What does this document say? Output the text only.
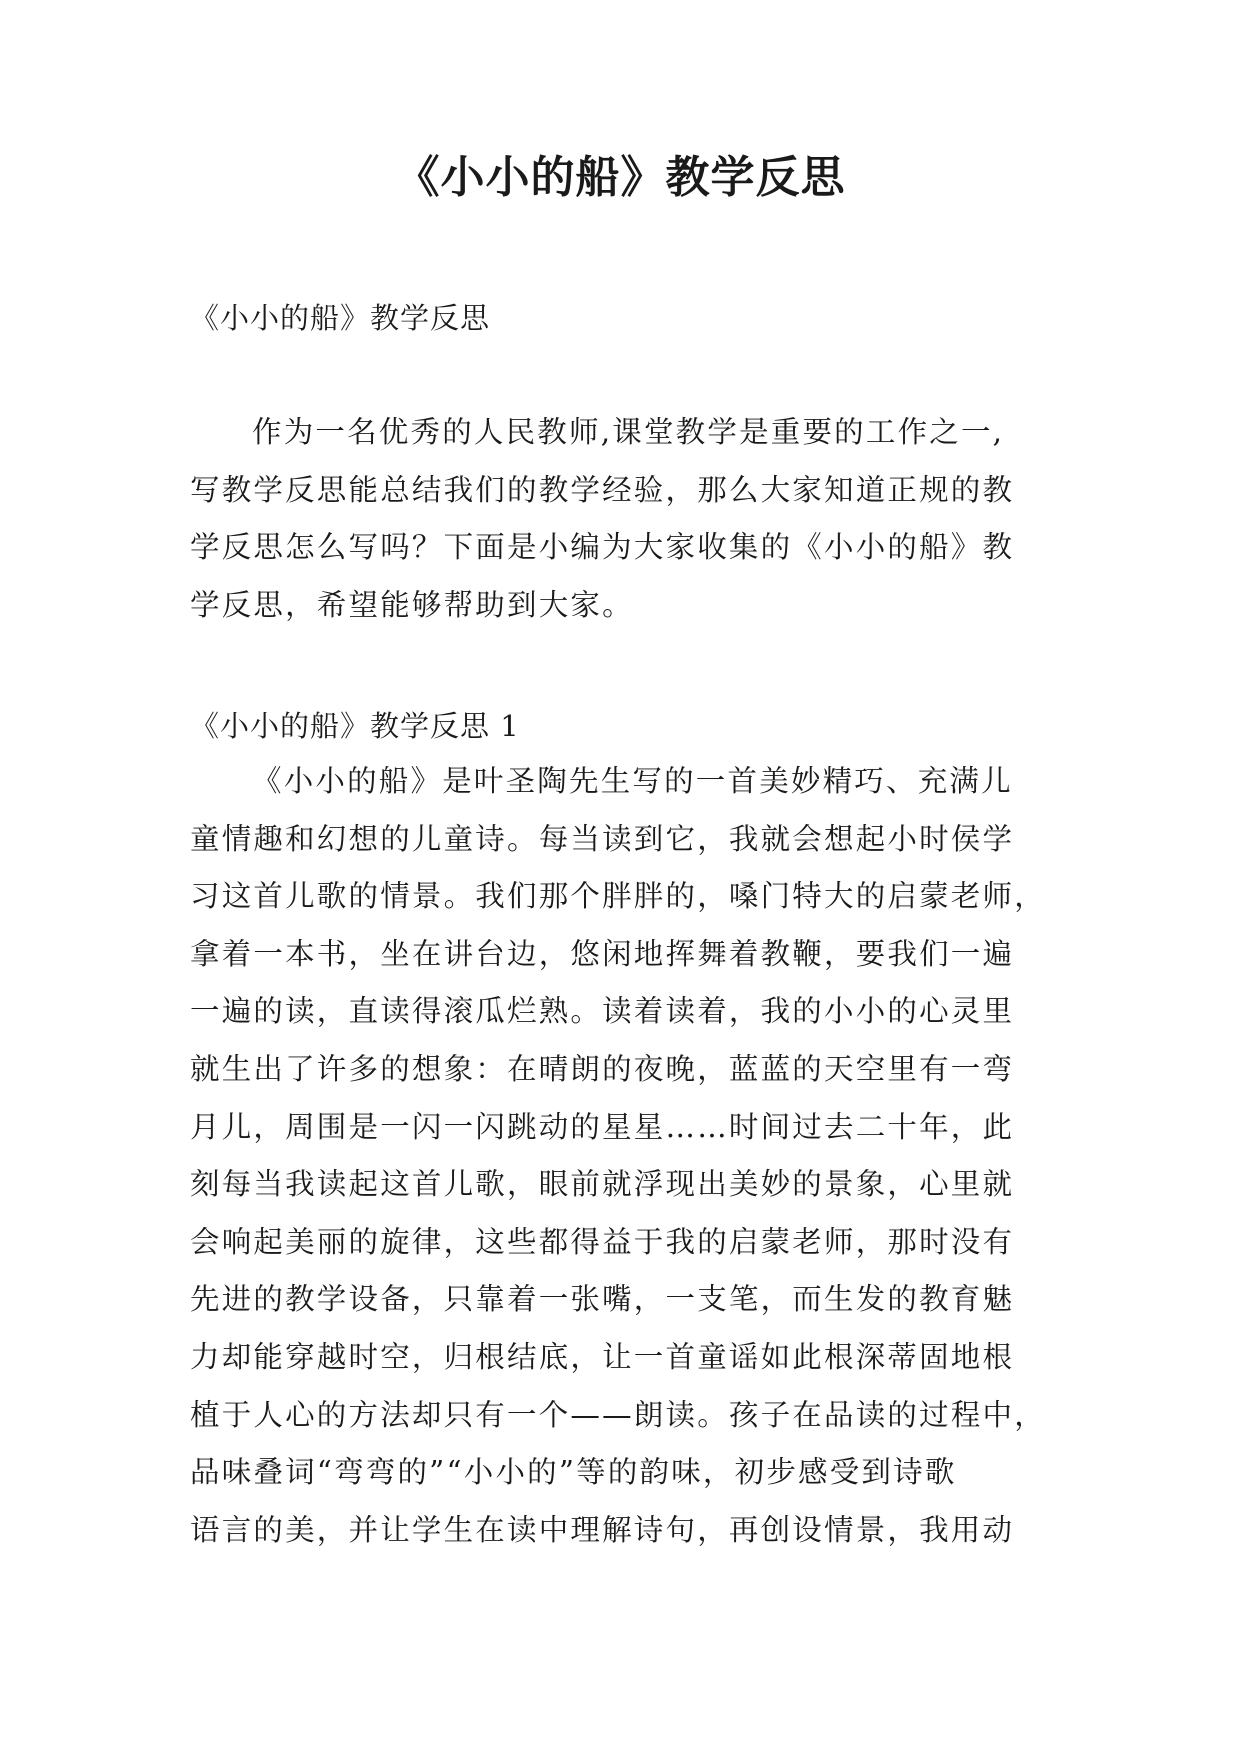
《小小的船》教学反思

《小小的船》教学反思

作为一名优秀的人民教师,课堂教学是重要的工作之一,
写教学反思能总结我们的教学经验，那么大家知道正规的教
学反思怎么写吗？下面是小编为大家收集的《小小的船》教
学反思，希望能够帮助到大家。

《小小的船》教学反思 1

《小小的船》是叶圣陶先生写的一首美妙精巧、充满儿
童情趣和幻想的儿童诗。每当读到它，我就会想起小时侯学
习这首儿歌的情景。我们那个胖胖的，嗓门特大的启蒙老师，
拿着一本书，坐在讲台边，悠闲地挥舞着教鞭，要我们一遍
一遍的读，直读得滚瓜烂熟。读着读着，我的小小的心灵里
就生出了许多的想象：在晴朗的夜晚，蓝蓝的天空里有一弯
月儿，周围是一闪一闪跳动的星星……时间过去二十年，此
刻每当我读起这首儿歌，眼前就浮现出美妙的景象，心里就
会响起美丽的旋律，这些都得益于我的启蒙老师，那时没有
先进的教学设备，只靠着一张嘴，一支笔，而生发的教育魅
力却能穿越时空，归根结底，让一首童谣如此根深蒂固地根
植于人心的方法却只有一个——朗读。孩子在品读的过程中，
品味叠词“弯弯的”“小小的”等的韵味，初步感受到诗歌
语言的美，并让学生在读中理解诗句，再创设情景，我用动
